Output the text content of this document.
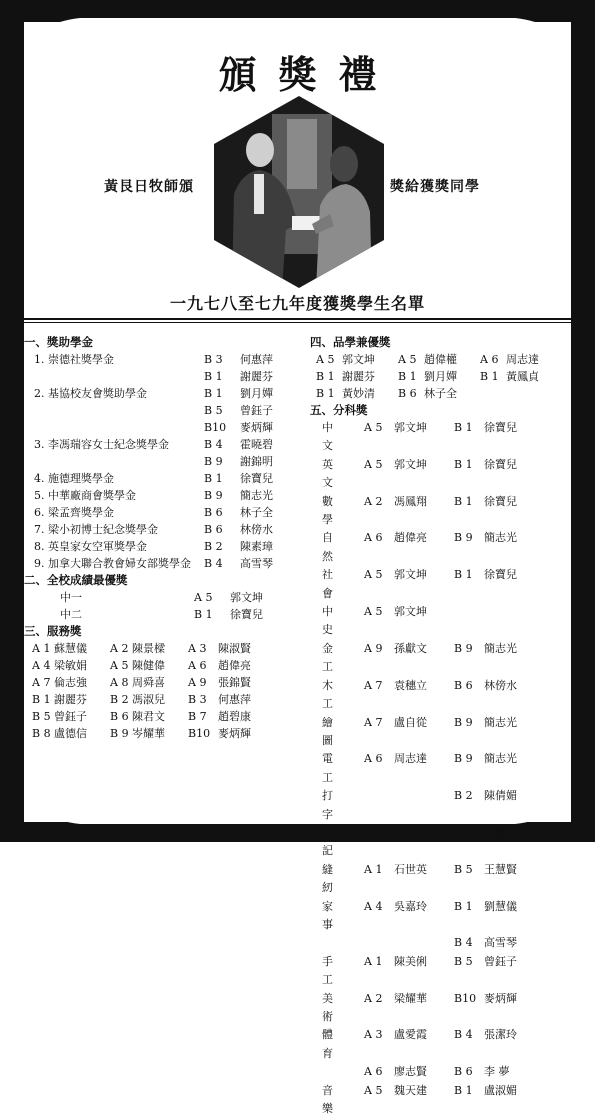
頒獎禮
黃艮日牧師頒	獎給獲獎同學
一九七八至七九年度獲獎學生名單
一、獎助學金
1. 崇德社獎學金	B 3	何惠萍
B 1	謝麗芬
2. 基協校友會獎助學金	B 1	劉月嬋
B 5	曾鈺子
B10	麥炳輝
3. 李馮瑞容女士紀念獎學金	B 4	霍曉碧
B 9	謝錦明
4. 施德理獎學金	B 1	徐寶兒
5. 中華廠商會獎學金	B 9	簡志光
6. 梁孟齊獎學金	B 6	林子全
7. 梁小初博士紀念獎學金	B 6	林傍水
8. 英皇家女空軍獎學金	B 2	陳素璋
9. 加拿大聯合教會婦女部獎學金	B 4	高雪琴
二、全校成績最優獎
中一	A 5	郭文坤
中二	B 1	徐寶兒
三、服務獎
A 1 蘇慧儀	A 2 陳景樑	A 3	陳淑賢
A 4 梁敏娟	A 5 陳健偉	A 6	趙偉亮
A 7 倫志強	A 8 周舜喜	A 9	張錦賢
B 1 謝麗芬	B 2 馮淑兒	B 3	何惠萍
B 5 曾鈺子	B 6 陳君文	B 7	趙碧康
B 8 盧德信	B 9 岑耀華	B10 麥炳輝
四、品學兼優獎
A 5 郭文坤	A 5 趙偉權	A 6 周志達
B 1 謝麗芬	B 1 劉月嬋	B 1 黃鳳貞
B 1 黃妙清	B 6 林子全
五、分科獎
中文
A 5	郭文坤	B 1	徐寶兒
英文
A 5	郭文坤	B 1	徐寶兒
數學
A 2	馮鳳翔	B 1	徐寶兒
自然
A 6	趙偉亮	B 9	簡志光
社會
A 5	郭文坤	B 1	徐寶兒
中史
A 5	郭文坤
金工
A 9	孫獻文	B 9	簡志光
木工
A 7	袁穗立	B 6	林傍水
繪圖
A 7	盧自從	B 9	簡志光
電工
A 6	周志達	B 9	簡志光
打字
B 2	陳倩媚
商記
B 1	徐寶兒
縫紉
A 1	石世英	B 5	王慧賢
家事
A 4	吳嘉玲	B 1	劉慧儀
B 4	高雪琴
手工
A 1	陳美俐	B 5	曾鈺子
美術
A 2	梁耀華	B10 麥炳輝
體育
A 3	盧愛霞	B 4	張潔玲
A 6	廖志賢	B 6	李 夢
音樂
A 5	魏天建	B 1	盧淑媚
